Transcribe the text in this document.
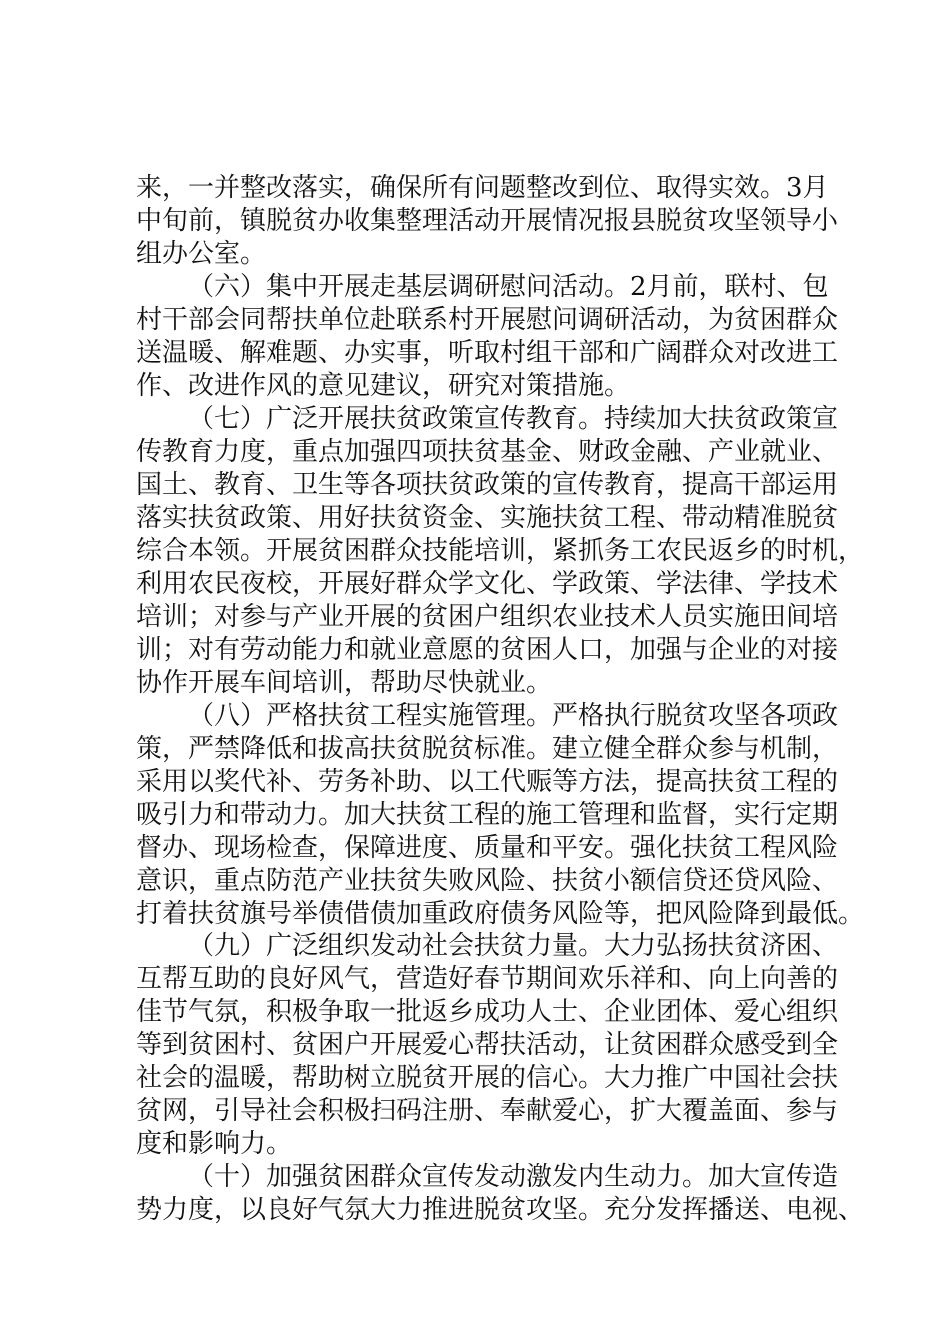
来，一并整改落实，确保所有问题整改到位、取得实效。3月
中旬前，镇脱贫办收集整理活动开展情况报县脱贫攻坚领导小
组办公室。
（六）集中开展走基层调研慰问活动。2月前，联村、包
村干部会同帮扶单位赴联系村开展慰问调研活动，为贫困群众
送温暖、解难题、办实事，听取村组干部和广阔群众对改进工
作、改进作风的意见建议，研究对策措施。
（七）广泛开展扶贫政策宣传教育。持续加大扶贫政策宣
传教育力度，重点加强四项扶贫基金、财政金融、产业就业、
国土、教育、卫生等各项扶贫政策的宣传教育，提高干部运用
落实扶贫政策、用好扶贫资金、实施扶贫工程、带动精准脱贫
综合本领。开展贫困群众技能培训，紧抓务工农民返乡的时机，
利用农民夜校，开展好群众学文化、学政策、学法律、学技术
培训；对参与产业开展的贫困户组织农业技术人员实施田间培
训；对有劳动能力和就业意愿的贫困人口，加强与企业的对接
协作开展车间培训，帮助尽快就业。
（八）严格扶贫工程实施管理。严格执行脱贫攻坚各项政
策，严禁降低和拔高扶贫脱贫标准。建立健全群众参与机制，
采用以奖代补、劳务补助、以工代赈等方法，提高扶贫工程的
吸引力和带动力。加大扶贫工程的施工管理和监督，实行定期
督办、现场检查，保障进度、质量和平安。强化扶贫工程风险
意识，重点防范产业扶贫失败风险、扶贫小额信贷还贷风险、
打着扶贫旗号举债借债加重政府债务风险等，把风险降到最低。
（九）广泛组织发动社会扶贫力量。大力弘扬扶贫济困、
互帮互助的良好风气，营造好春节期间欢乐祥和、向上向善的
佳节气氛，积极争取一批返乡成功人士、企业团体、爱心组织
等到贫困村、贫困户开展爱心帮扶活动，让贫困群众感受到全
社会的温暖，帮助树立脱贫开展的信心。大力推广中国社会扶
贫网，引导社会积极扫码注册、奉献爱心，扩大覆盖面、参与
度和影响力。
（十）加强贫困群众宣传发动激发内生动力。加大宣传造
势力度，以良好气氛大力推进脱贫攻坚。充分发挥播送、电视、
